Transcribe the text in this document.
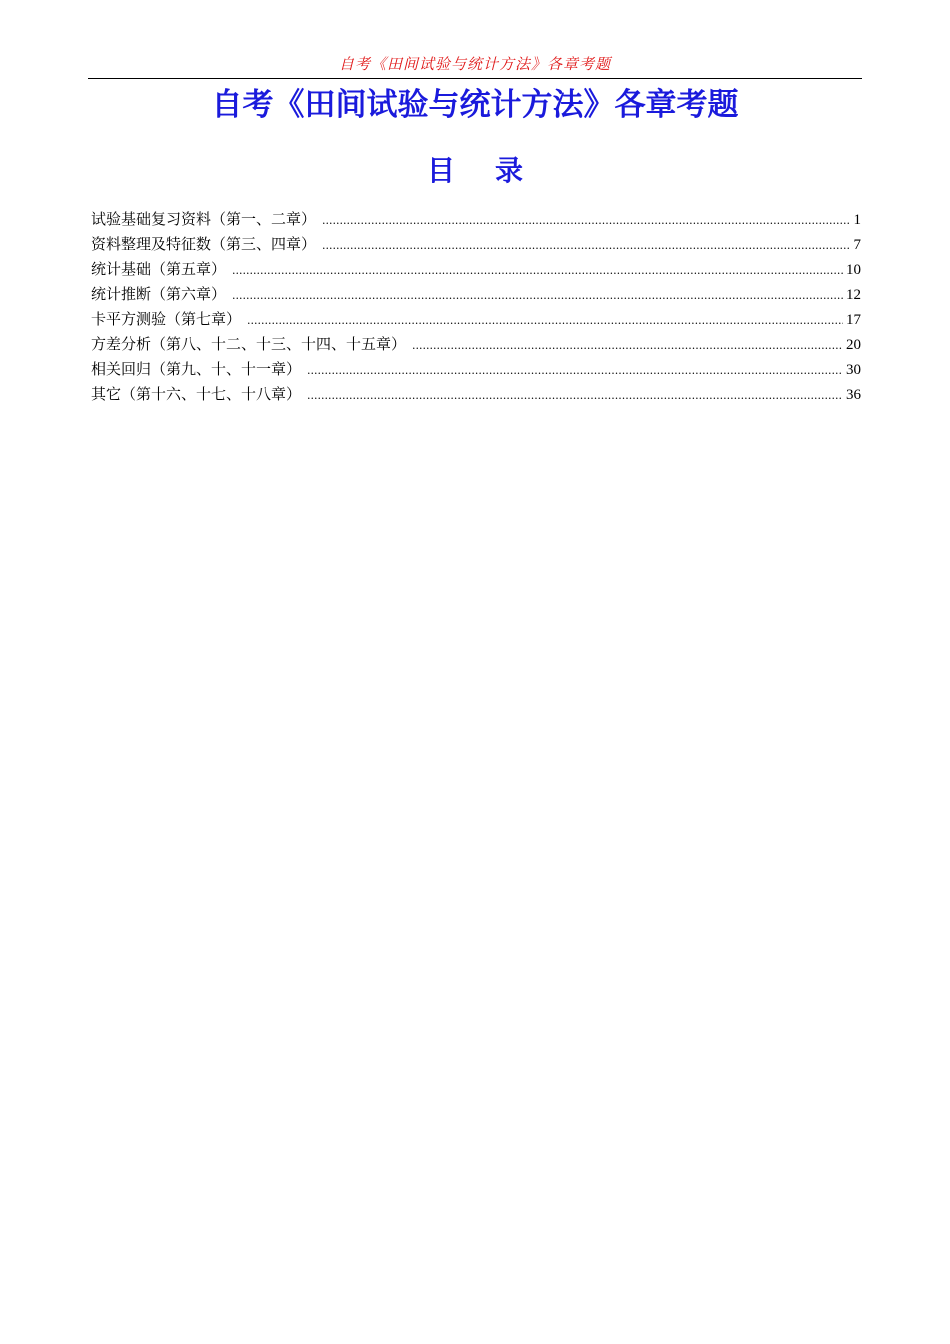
自考《田间试验与统计方法》各章考题
自考《田间试验与统计方法》各章考题
目录
试验基础复习资料（第一、二章） .....	1
资料整理及特征数（第三、四章） .....	7
统计基础（第五章） .....	10
统计推断（第六章） .....	12
卡平方测验（第七章） .....	17
方差分析（第八、十二、十三、十四、十五章） .....	20
相关回归（第九、十、十一章） .....	30
其它（第十六、十七、十八章） .....	36
